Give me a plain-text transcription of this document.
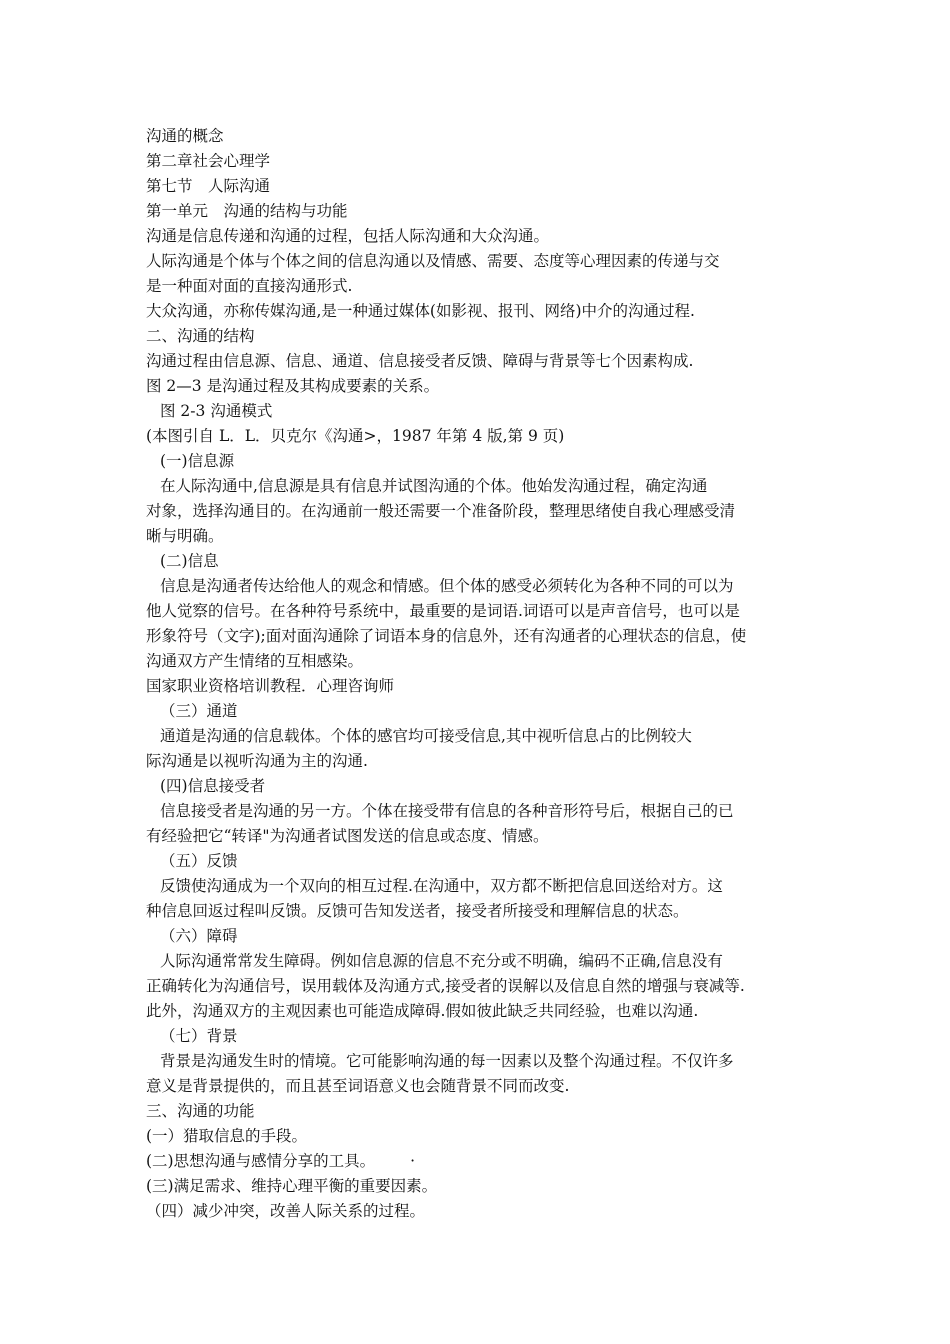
沟通的概念
第二章社会心理学
第七节　人际沟通
第一单元　沟通的结构与功能
沟通是信息传递和沟通的过程，包括人际沟通和大众沟通。
人际沟通是个体与个体之间的信息沟通以及情感、需要、态度等心理因素的传递与交
是一种面对面的直接沟通形式.
大众沟通，亦称传媒沟通,是一种通过媒体(如影视、报刊、网络)中介的沟通过程.
二、沟通的结构
沟通过程由信息源、信息、通道、信息接受者反馈、障碍与背景等七个因素构成.
图 2—3 是沟通过程及其构成要素的关系。
图 2-3 沟通模式
(本图引自 L．L．贝克尔《沟通>，1987 年第 4 版,第 9 页)
(一)信息源
在人际沟通中,信息源是具有信息并试图沟通的个体。他始发沟通过程，确定沟通
对象，选择沟通目的。在沟通前一般还需要一个准备阶段，整理思绪使自我心理感受清
晰与明确。
(二)信息
信息是沟通者传达给他人的观念和情感。但个体的感受必须转化为各种不同的可以为
他人觉察的信号。在各种符号系统中，最重要的是词语.词语可以是声音信号，也可以是
形象符号（文字);面对面沟通除了词语本身的信息外，还有沟通者的心理状态的信息，使
沟通双方产生情绪的互相感染。
国家职业资格培训教程．心理咨询师
（三）通道
通道是沟通的信息载体。个体的感官均可接受信息,其中视听信息占的比例较大
际沟通是以视听沟通为主的沟通.
(四)信息接受者
信息接受者是沟通的另一方。个体在接受带有信息的各种音形符号后，根据自己的已
有经验把它“转译"为沟通者试图发送的信息或态度、情感。
（五）反馈
反馈使沟通成为一个双向的相互过程.在沟通中，双方都不断把信息回送给对方。这
种信息回返过程叫反馈。反馈可告知发送者，接受者所接受和理解信息的状态。
（六）障碍
人际沟通常常发生障碍。例如信息源的信息不充分或不明确，编码不正确,信息没有
正确转化为沟通信号，误用载体及沟通方式,接受者的误解以及信息自然的增强与衰减等.
此外，沟通双方的主观因素也可能造成障碍.假如彼此缺乏共同经验，也难以沟通.
（七）背景
背景是沟通发生时的情境。它可能影响沟通的每一因素以及整个沟通过程。不仅许多
意义是背景提供的，而且甚至词语意义也会随背景不同而改变.
三、沟通的功能
(一）猎取信息的手段。
(二)思想沟通与感情分享的工具。 ·
(三)满足需求、维持心理平衡的重要因素。
（四）减少冲突，改善人际关系的过程。
